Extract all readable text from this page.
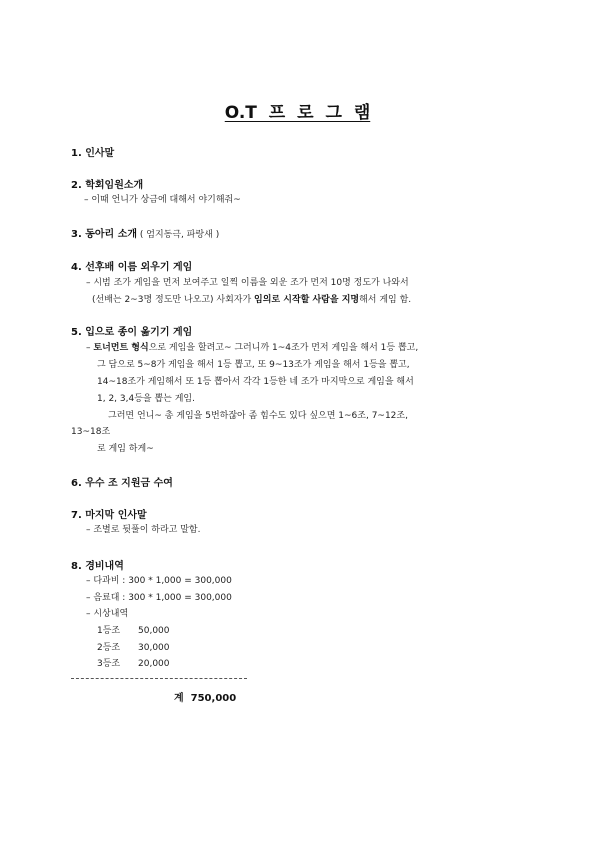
O.T 프 로 그 램
1. 인사말
2. 학회임원소개
– 이때 언니가 상금에 대해서 야기해줘~
3. 동아리 소개 ( 엄지동극, 파랑새 )
4. 선후배 이름 외우기 게임
– 시범 조가 게임을 먼저 보여주고 일찍 이름을 외운 조가 먼저 10명 정도가 나와서
(선배는 2~3명 정도만 나오고) 사회자가 임의로 시작할 사람을 지명해서 게임 함.
5. 입으로 종이 옮기기 게임
– 토너먼트 형식으로 게임을 할려고~ 그러니까 1~4조가 먼저 게임을 해서 1등 뽑고,
그 담으로 5~8가 게임을 해서 1등 뽑고, 또 9~13조가 게임을 해서 1등을 뽑고,
14~18조가 게임해서 또 1등 뽑아서 각각 1등한 네 조가 마지막으로 게임을 해서
1, 2, 3,4등을 뽑는 게임.
그러면 언니~ 총 게임을 5번하잖아 좀 힘수도 있다 싶으면 1~6조, 7~12조,
13~18조
로 게임 하게~
6. 우수 조 지원금 수여
7. 마지막 인사말
– 조별로 뒷풀이 하라고 말함.
8. 경비내역
– 다과비 : 300 * 1,000 = 300,000
– 음료대 : 300 * 1,000 = 300,000
– 시상내역
1등조 50,000
2등조 30,000
3등조 20,000
계 750,000
